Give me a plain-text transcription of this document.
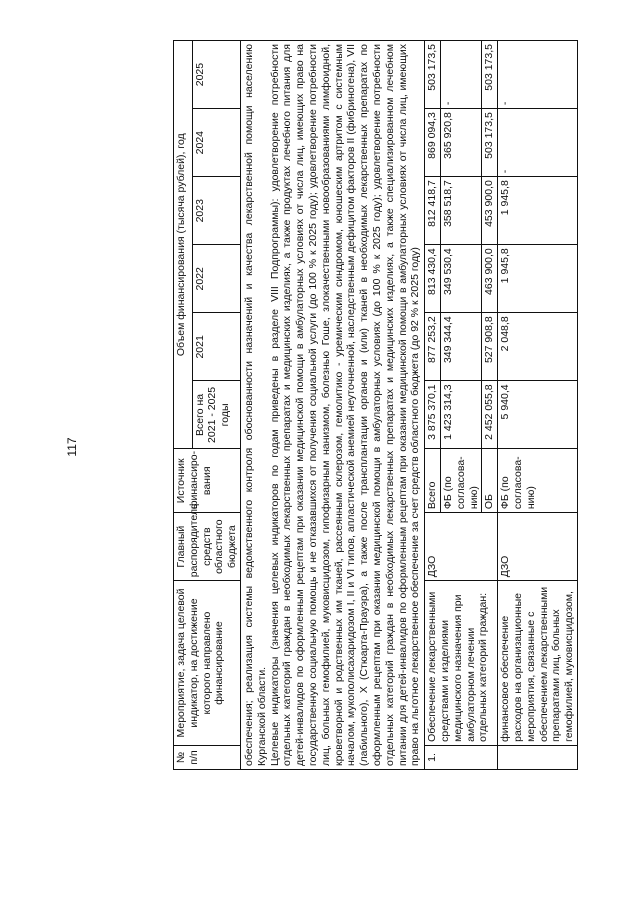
117
№ п/п	Мероприятие, задача целевой индикатор, на достижение которого направлено финансирование	Главный распорядитель средств областного бюджета	Источник финансиро-вания	Объем финансирования (тысяча рублей), год					
				Всего на 2021 - 2025 годы	2021	2022	2023	2024	2025

обеспечения; реализация системы ведомственного контроля обоснованности назначений и качества лекарственной помощи населению Курганской области. Целевые индикаторы (значения целевых индикаторов по годам приведены в разделе VIII Подпрограммы): удовлетворение потребности отдельных категорий граждан в необходимых лекарственных препаратах и медицинских изделиях, а также продуктах лечебного питания для детей-инвалидов по оформленным рецептам при оказании медицинской помощи в амбулаторных условиях от числа лиц, имеющих право на государственную социальную помощь и не отказавшихся от получения социальной услуги (до 100 % к 2025 году); удовлетворение потребности лиц, больных гемофилией, муковисцидозом, гипофизарным нанизмом, болезнью Гоше, злокачественными новообразованиями лимфоидной, кроветворной и родственных им тканей, рассеянным склерозом, гемолитико - уремическим синдромом, юношеским артритом с системным началом, мукополисахаридозом I, II и VI типов, апластической анемией неуточненной, наследственным дефицитом факторов II (фибриногена), VII (лабильного), X (Стюарта-Прауэра), а также после трансплантации органов и (или) тканей в необходимых лекарственных препаратах по оформленным рецептам при оказании медицинской помощи в амбулаторных условиях (до 100 % к 2025 году); удовлетворение потребности отдельных категорий граждан в необходимых лекарственных препаратах и медицинских изделиях, а также специализированном лечебном питании для детей-инвалидов по оформленным рецептам при оказании медицинской помощи в амбулаторных условиях от числа лиц, имеющих право на льготное лекарственное обеспечение за счет средств областного бюджета (до 92 % к 2025 году)									

1.	Обеспечение лекарственными средствами и изделиями медицинского назначения при амбулаторном лечении отдельных категорий граждан:	ДЗО	Всего	3 875 370,1	877 253,2	813 430,4	812 418,7	869 094,3	503 173,5
			ФБ (по согласова-нию)	1 423 314,3	349 344,4	349 530,4	358 518,7	365 920,8	-
			ОБ	2 452 055,8	527 908,8	463 900,0	453 900,0	503 173,5	503 173,5
	финансовое обеспечение расходов на организационные мероприятия, связанные с обеспечением лекарственными препаратами лиц, больных гемофилией, муковисцидозом,	ДЗО	ФБ (по согласова-нию)	5 940,4	2 048,8	1 945,8	1 945,8	-	-
